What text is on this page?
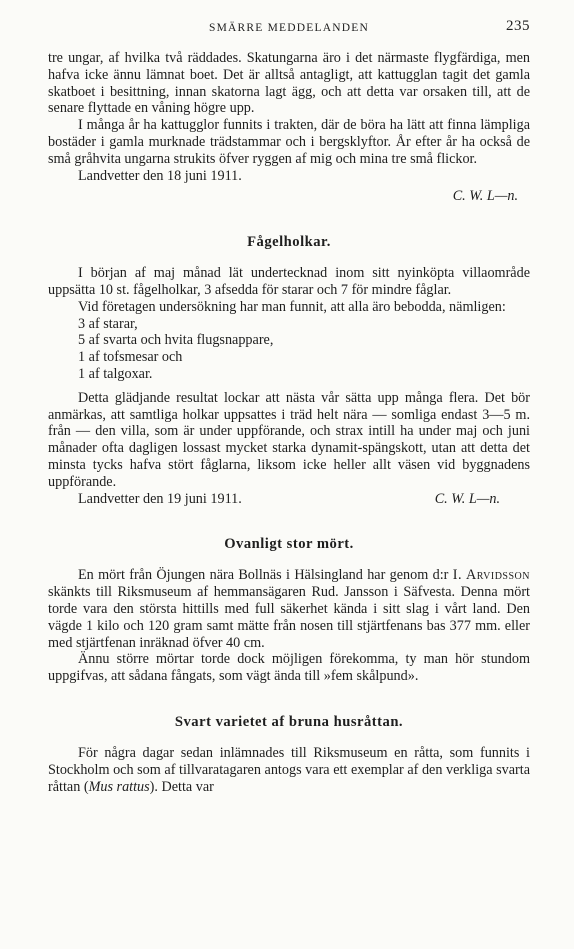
SMÄRRE MEDDELANDEN	235

tre ungar, af hvilka två räddades. Skatungarna äro i det närmaste flygfärdiga, men hafva icke ännu lämnat boet. Det är alltså antagligt, att kattugglan tagit det gamla skatboet i besittning, innan skatorna lagt ägg, och att detta var orsaken till, att de senare flyttade en våning högre upp.

I många år ha kattugglor funnits i trakten, där de böra ha lätt att finna lämpliga bostäder i gamla murknade trädstammar och i bergsklyftor. År efter år ha också de små gråhvita ungarna strukits öfver ryggen af mig och mina tre små flickor.

Landvetter den 18 juni 1911.

C. W. L—n.
Fågelholkar.

I början af maj månad lät undertecknad inom sitt nyinköpta villaområde uppsätta 10 st. fågelholkar, 3 afsedda för starar och 7 för mindre fåglar.

Vid företagen undersökning har man funnit, att alla äro bebodda, nämligen:

3 af starar,
5 af svarta och hvita flugsnappare,
1 af tofsmesar och
1 af talgoxar.

Detta glädjande resultat lockar att nästa vår sätta upp många flera. Det bör anmärkas, att samtliga holkar uppsattes i träd helt nära — somliga endast 3—5 m. från — den villa, som är under uppförande, och strax intill ha under maj och juni månader ofta dagligen lossast mycket starka dynamit-spängskott, utan att detta det minsta tycks hafva stört fåglarna, liksom icke heller allt väsen vid byggnadens uppförande.

Landvetter den 19 juni 1911.	C. W. L—n.
Ovanligt stor mört.

En mört från Öjungen nära Bollnäs i Hälsingland har genom d:r I. Arvidsson skänkts till Riksmuseum af hemmansägaren Rud. Jansson i Säfvesta. Denna mört torde vara den största hittills med full säkerhet kända i sitt slag i vårt land. Den vägde 1 kilo och 120 gram samt mätte från nosen till stjärtfenans bas 377 mm. eller med stjärtfenan inräknad öfver 40 cm.

Ännu större mörtar torde dock möjligen förekomma, ty man hör stundom uppgifvas, att sådana fångats, som vägt ända till »fem skålpund».

Svart varietet af bruna husråttan.

För några dagar sedan inlämnades till Riksmuseum en råtta, som funnits i Stockholm och som af tillvaratagaren antogs vara ett exemplar af den verkliga svarta råttan (Mus rattus). Detta var
